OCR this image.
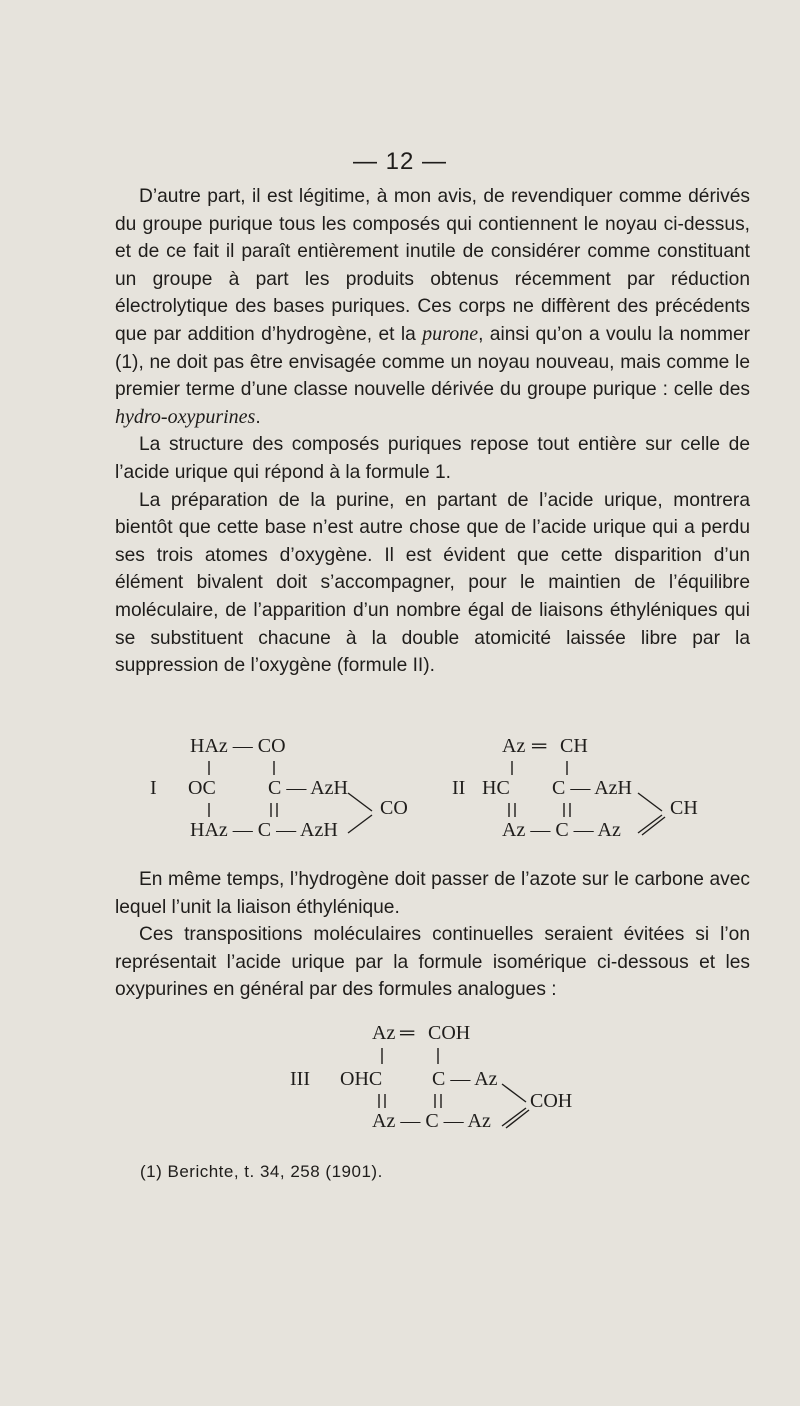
— 12 —

D’autre part, il est légitime, à mon avis, de revendiquer comme dérivés du groupe purique tous les composés qui contiennent le noyau ci-dessus, et de ce fait il paraît entièrement inutile de considérer comme constituant un groupe à part les produits obtenus récemment par réduction électrolytique des bases puriques. Ces corps ne diffèrent des précédents que par addition d’hydrogène, et la purone, ainsi qu’on a voulu la nommer (1), ne doit pas être envisagée comme un noyau nouveau, mais comme le premier terme d’une classe nouvelle dérivée du groupe purique : celle des hydro-oxypurines.

La structure des composés puriques repose tout entière sur celle de l’acide urique qui répond à la formule 1.

La préparation de la purine, en partant de l’acide urique, montrera bientôt que cette base n’est autre chose que de l’acide urique qui a perdu ses trois atomes d’oxygène. Il est évident que cette disparition d’un élément bivalent doit s’accompagner, pour le maintien de l’équilibre moléculaire, de l’apparition d’un nombre égal de liaisons éthyléniques qui se substituent chacune à la double atomicité laissée libre par la suppression de l’oxygène (formule II).

I
HAz — CO
OC	C — AzH
HAz — C — AzH
CO
II
Az ═ CH
HC C — AzH
Az — C — Az
CH

En même temps, l’hydrogène doit passer de l’azote sur le carbone avec lequel l’unit la liaison éthylénique.

Ces transpositions moléculaires continuelles seraient évitées si l’on représentait l’acide urique par la formule isomérique ci-dessous et les oxypurines en général par des formules analogues :

III
Az ═ COH
OHC C — Az
Az — C — Az
COH
(1) Berichte, t. 34, 258 (1901).
